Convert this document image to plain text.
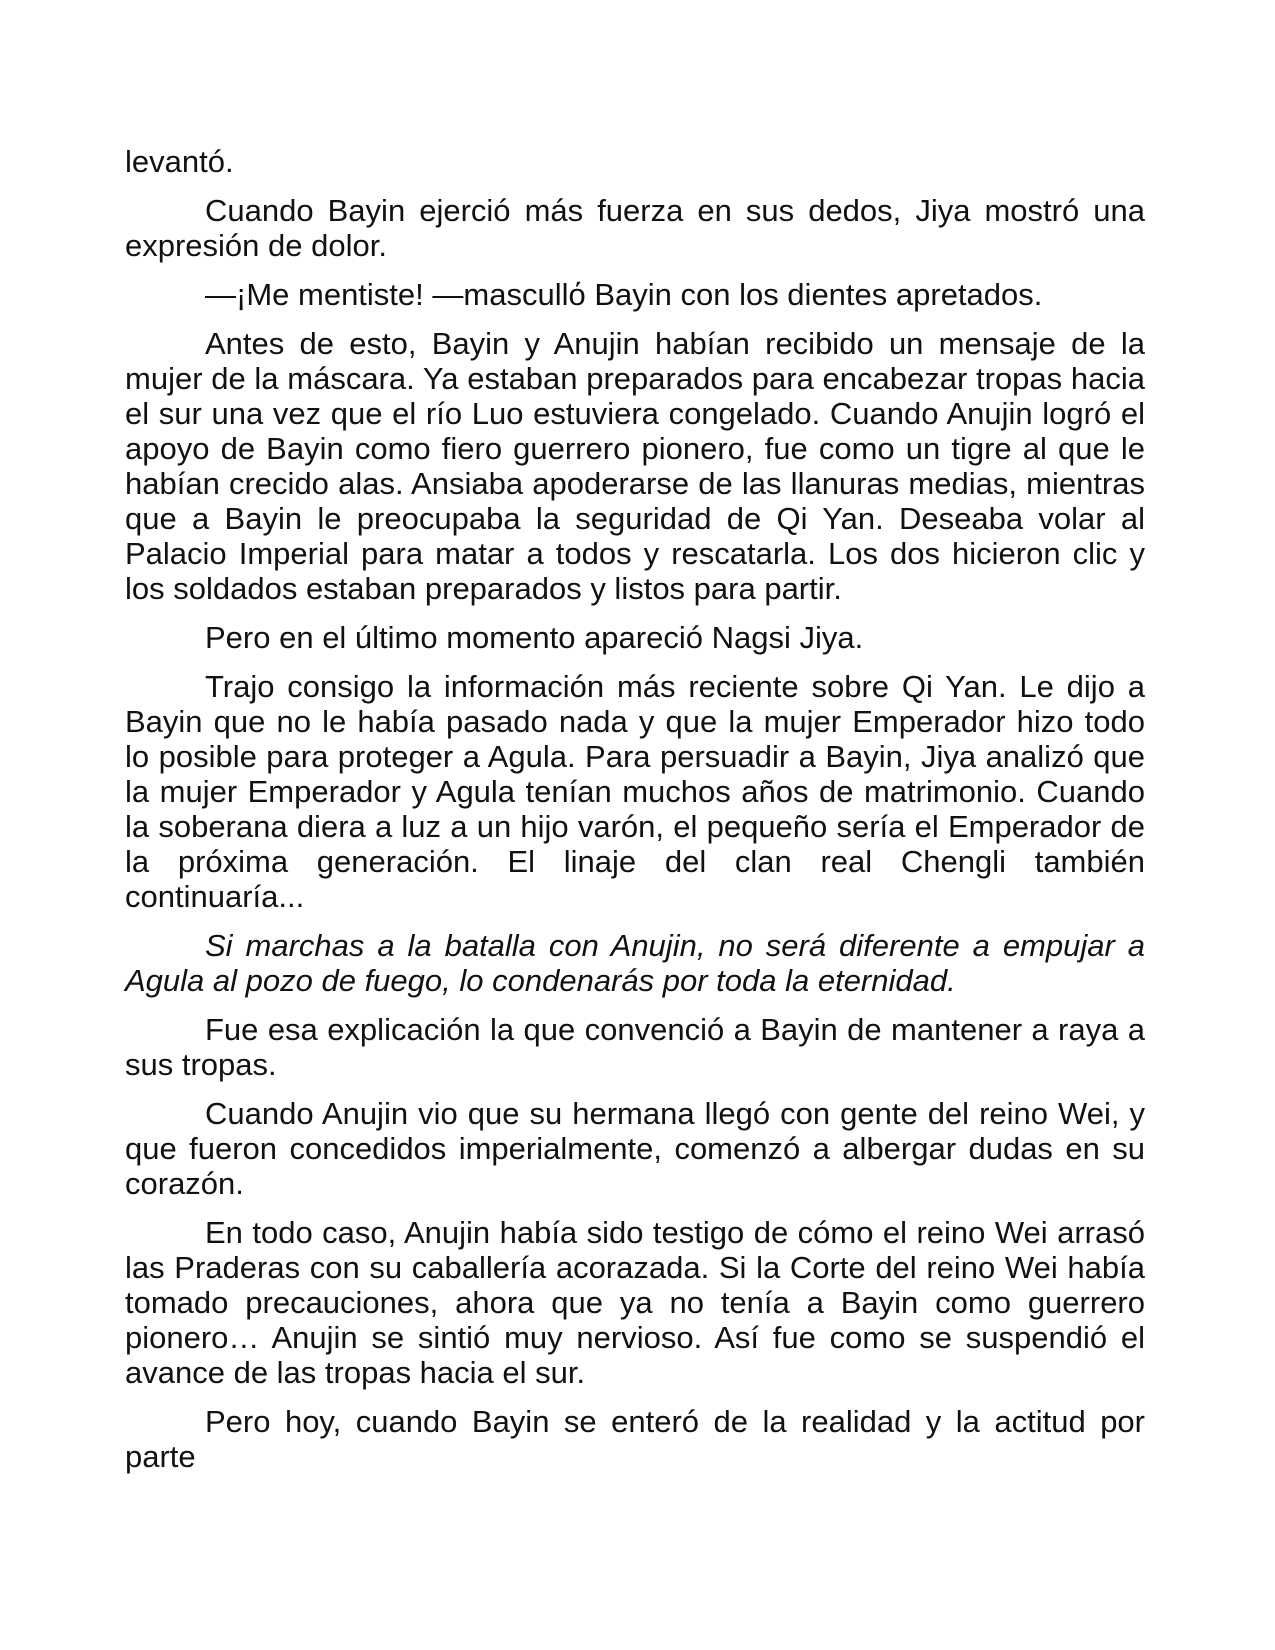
levantó.

Cuando Bayin ejerció más fuerza en sus dedos, Jiya mostró una expresión de dolor.

—¡Me mentiste! —mascullό Bayin con los dientes apretados.

Antes de esto, Bayin y Anujin habían recibido un mensaje de la mujer de la máscara. Ya estaban preparados para encabezar tropas hacia el sur una vez que el río Luo estuviera congelado. Cuando Anujin logró el apoyo de Bayin como fiero guerrero pionero, fue como un tigre al que le habían crecido alas. Ansiaba apoderarse de las llanuras medias, mientras que a Bayin le preocupaba la seguridad de Qi Yan. Deseaba volar al Palacio Imperial para matar a todos y rescatarla. Los dos hicieron clic y los soldados estaban preparados y listos para partir.

Pero en el último momento apareció Nagsi Jiya.

Trajo consigo la información más reciente sobre Qi Yan. Le dijo a Bayin que no le había pasado nada y que la mujer Emperador hizo todo lo posible para proteger a Agula. Para persuadir a Bayin, Jiya analizó que la mujer Emperador y Agula tenían muchos años de matrimonio. Cuando la soberana diera a luz a un hijo varón, el pequeño sería el Emperador de la próxima generación. El linaje del clan real Chengli también continuaría...

Si marchas a la batalla con Anujin, no será diferente a empujar a Agula al pozo de fuego, lo condenarás por toda la eternidad.

Fue esa explicación la que convenció a Bayin de mantener a raya a sus tropas.

Cuando Anujin vio que su hermana llegó con gente del reino Wei, y que fueron concedidos imperialmente, comenzó a albergar dudas en su corazón.

En todo caso, Anujin había sido testigo de cómo el reino Wei arrasó las Praderas con su caballería acorazada. Si la Corte del reino Wei había tomado precauciones, ahora que ya no tenía a Bayin como guerrero pionero… Anujin se sintió muy nervioso. Así fue como se suspendió el avance de las tropas hacia el sur.

Pero hoy, cuando Bayin se enteró de la realidad y la actitud por parte
